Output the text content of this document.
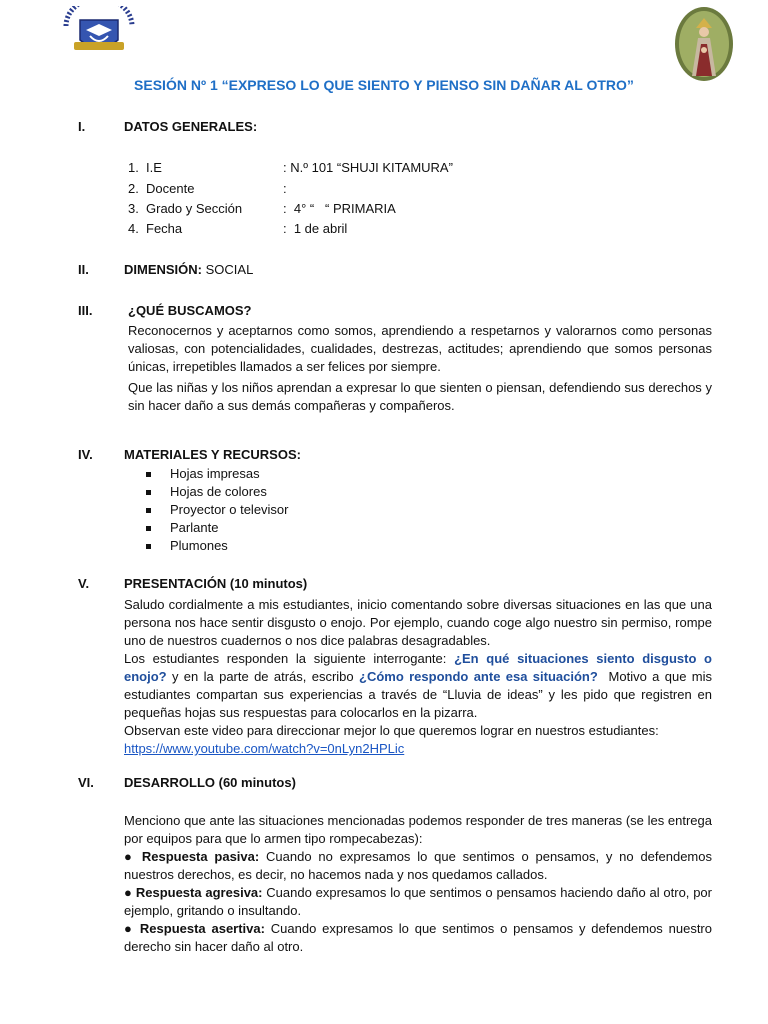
SESIÓN Nº 1 “EXPRESO LO QUE SIENTO Y PIENSO SIN DAÑAR AL OTRO”
I.	DATOS GENERALES:
1. I.E	: N.º 101 “SHUJI KITAMURA”
2. Docente	:
3. Grado y Sección	:  4° “   “ PRIMARIA
4. Fecha	:  1 de abril
II.	DIMENSIÓN: SOCIAL
III.	¿QUÉ BUSCAMOS?

Reconocernos y aceptarnos como somos, aprendiendo a respetarnos y valorarnos como personas valiosas, con potencialidades, cualidades, destrezas, actitudes; aprendiendo que somos personas únicas, irrepetibles llamados a ser felices por siempre.

Que las niñas y los niños aprendan a expresar lo que sienten o piensan, defendiendo sus derechos y sin hacer daño a sus demás compañeras y compañeros.

IV. MATERIALES Y RECURSOS:
Hojas impresas
Hojas de colores
Proyector o televisor
Parlante
Plumones
V.	PRESENTACIÓN (10 minutos)

Saludo cordialmente a mis estudiantes, inicio comentando sobre diversas situaciones en las que una persona nos hace sentir disgusto o enojo. Por ejemplo, cuando coge algo nuestro sin permiso, rompe uno de nuestros cuadernos o nos dice palabras desagradables.

Los estudiantes responden la siguiente interrogante: ¿En qué situaciones siento disgusto o enojo? y en la parte de atrás, escribo ¿Cómo respondo ante esa situación?  Motivo a que mis estudiantes compartan sus experiencias a través de “Lluvia de ideas” y les pido que registren en pequeñas hojas sus respuestas para colocarlos en la pizarra.

Observan este video para direccionar mejor lo que queremos lograr en nuestros estudiantes:

https://www.youtube.com/watch?v=0nLyn2HPLic

VI. DESARROLLO (60 minutos)

Menciono que ante las situaciones mencionadas podemos responder de tres maneras (se les entrega por equipos para que lo armen tipo rompecabezas):

● Respuesta pasiva: Cuando no expresamos lo que sentimos o pensamos, y no defendemos nuestros derechos, es decir, no hacemos nada y nos quedamos callados.

● Respuesta agresiva: Cuando expresamos lo que sentimos o pensamos haciendo daño al otro, por ejemplo, gritando o insultando.

● Respuesta asertiva: Cuando expresamos lo que sentimos o pensamos y defendemos nuestro derecho sin hacer daño al otro.
